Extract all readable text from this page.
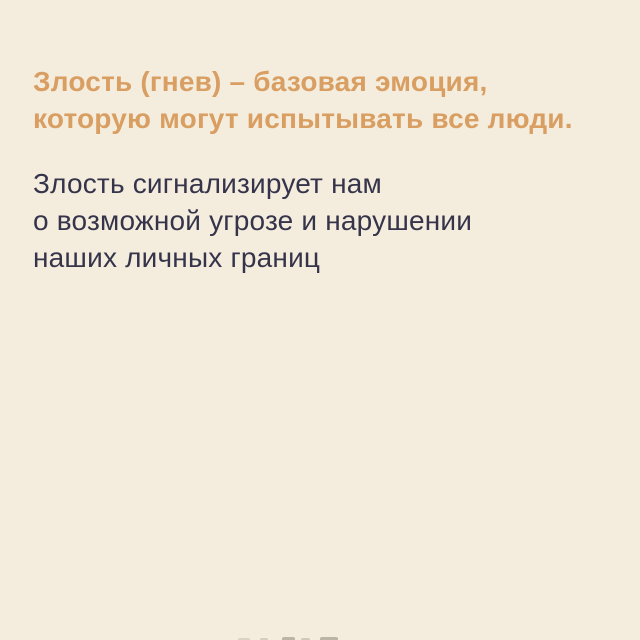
Злость (гнев) – базовая эмоция,
которую могут испытывать все люди.

Злость сигнализирует нам
о возможной угрозе и нарушении
наших личных границ
